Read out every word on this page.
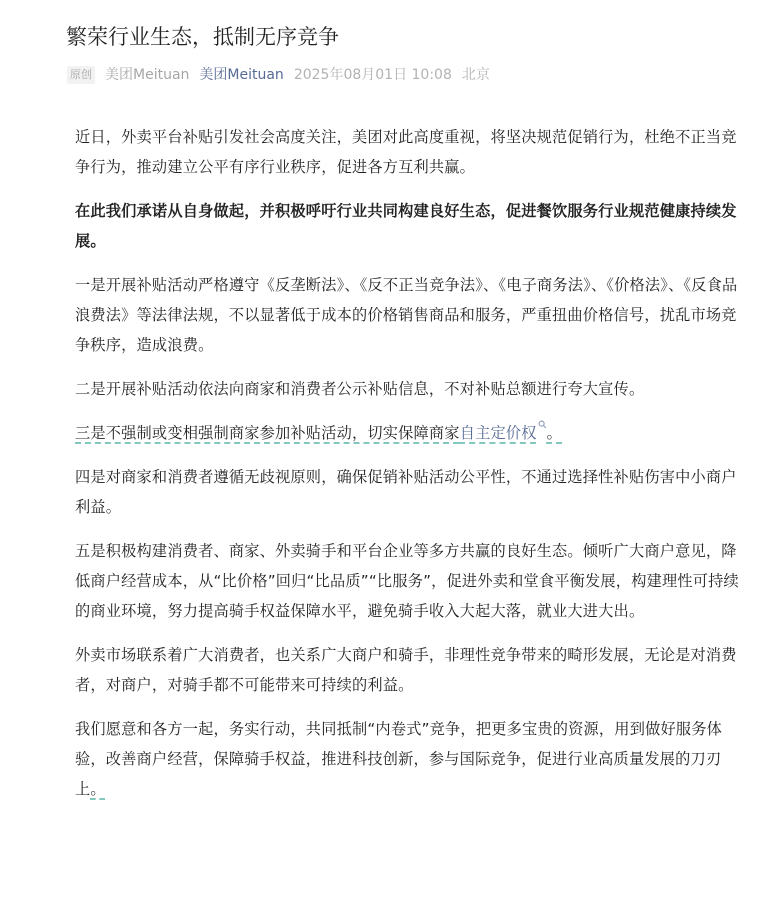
繁荣行业生态，抵制无序竞争
原创 美团Meituan 美团Meituan 2025年08月01日 10:08 北京

近日，外卖平台补贴引发社会高度关注，美团对此高度重视，将坚决规范促销行为，杜绝不正当竞争行为，推动建立公平有序行业秩序，促进各方互利共赢。

在此我们承诺从自身做起，并积极呼吁行业共同构建良好生态，促进餐饮服务行业规范健康持续发展。

一是开展补贴活动严格遵守《反垄断法》、《反不正当竞争法》、《电子商务法》、《价格法》、《反食品浪费法》等法律法规，不以显著低于成本的价格销售商品和服务，严重扭曲价格信号，扰乱市场竞争秩序，造成浪费。

二是开展补贴活动依法向商家和消费者公示补贴信息，不对补贴总额进行夸大宣传。

三是不强制或变相强制商家参加补贴活动，切实保障商家自主定价权 。

四是对商家和消费者遵循无歧视原则，确保促销补贴活动公平性，不通过选择性补贴伤害中小商户利益。

五是积极构建消费者、商家、外卖骑手和平台企业等多方共赢的良好生态。倾听广大商户意见，降低商户经营成本，从“比价格”回归“比品质”“比服务”，促进外卖和堂食平衡发展，构建理性可持续的商业环境，努力提高骑手权益保障水平，避免骑手收入大起大落，就业大进大出。

外卖市场联系着广大消费者，也关系广大商户和骑手，非理性竞争带来的畸形发展，无论是对消费者，对商户，对骑手都不可能带来可持续的利益。

我们愿意和各方一起，务实行动，共同抵制“内卷式”竞争，把更多宝贵的资源，用到做好服务体验，改善商户经营，保障骑手权益，推进科技创新，参与国际竞争，促进行业高质量发展的刀刃上。
